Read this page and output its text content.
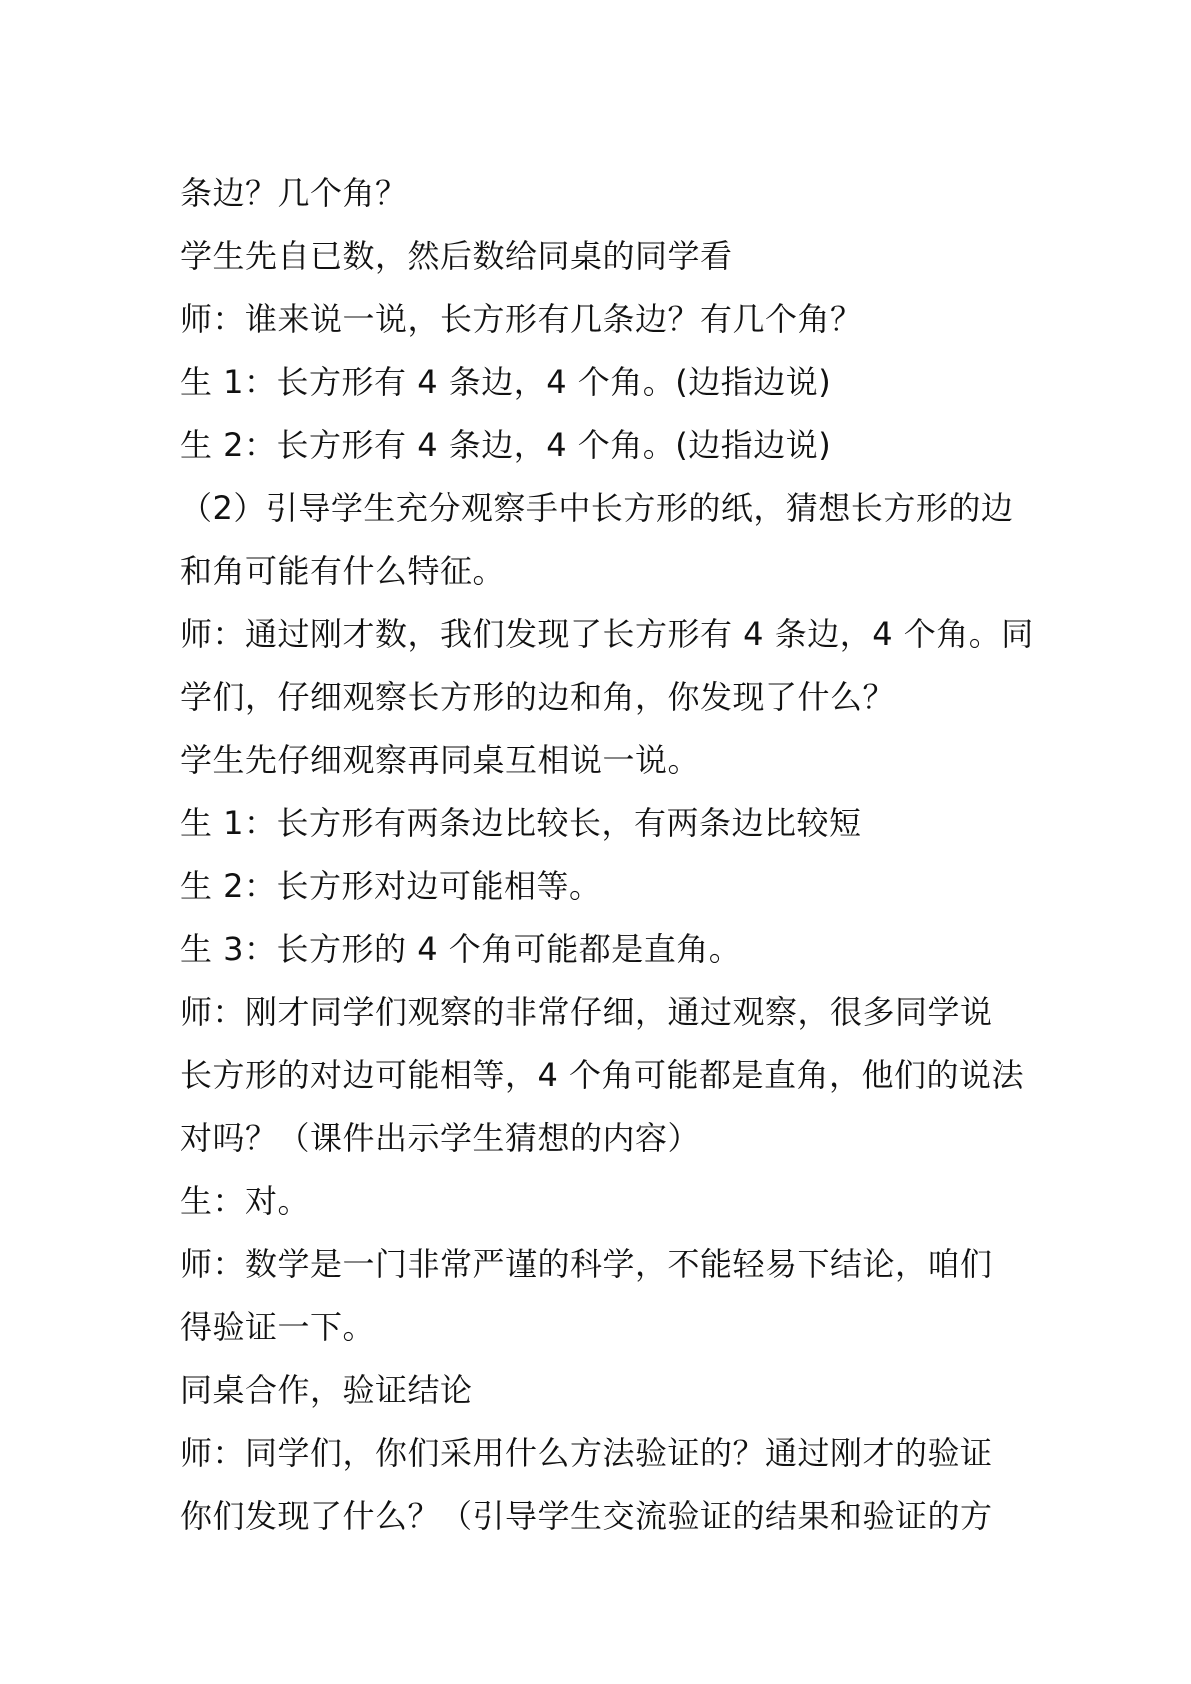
条边？几个角？
学生先自已数，然后数给同桌的同学看
师：谁来说一说，长方形有几条边？有几个角？
生 1：长方形有 4 条边，4 个角。(边指边说)
生 2：长方形有 4 条边，4 个角。(边指边说)
（2）引导学生充分观察手中长方形的纸，猜想长方形的边
和角可能有什么特征。
师：通过刚才数，我们发现了长方形有 4 条边，4 个角。同
学们，仔细观察长方形的边和角，你发现了什么？
学生先仔细观察再同桌互相说一说。
生 1：长方形有两条边比较长，有两条边比较短
生 2：长方形对边可能相等。
生 3：长方形的 4 个角可能都是直角。
师：刚才同学们观察的非常仔细，通过观察，很多同学说
长方形的对边可能相等，4 个角可能都是直角，他们的说法
对吗？（课件出示学生猜想的内容）
生：对。
师：数学是一门非常严谨的科学，不能轻易下结论，咱们
得验证一下。
同桌合作，验证结论
师：同学们，你们采用什么方法验证的？通过刚才的验证
你们发现了什么？（引导学生交流验证的结果和验证的方
